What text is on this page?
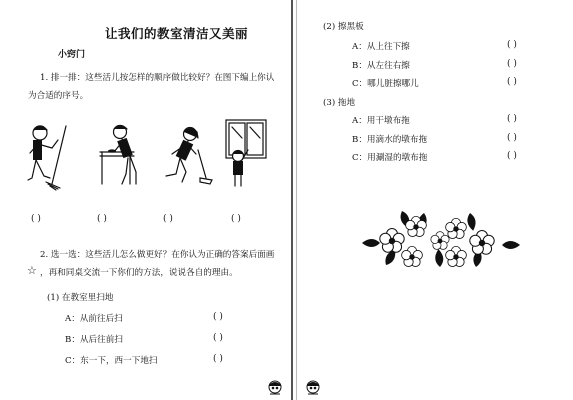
让我们的教室清洁又美丽
小窍门
1. 排一排：这些活儿按怎样的顺序做比较好？在图下编上你认
为合适的序号。
( )	( )	( )	( )
2. 选一选：这些活儿怎么做更好？在你认为正确的答案后面画
☆ ，再和同桌交流一下你们的方法，说说各自的理由。
(1) 在教室里扫地
A：从前往后扫	( )
B：从后往前扫	( )
C：东一下，西一下地扫	( )
(2) 擦黑板
A：从上往下擦	( )
B：从左往右擦	( )
C：哪儿脏擦哪儿	( )
(3) 拖地
A：用干墩布拖	( )
B：用滴水的墩布拖	( )
C：用涮湿的墩布拖	( )
